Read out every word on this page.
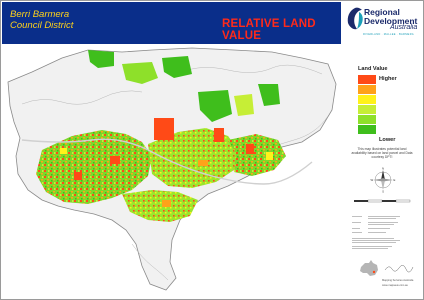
Berri Barmera
Council District	RELATIVE LAND VALUE
Regional
Development
Australia
RIVERLAND · MALLEE · BARMERA
Land Value
Higher
Lower
This map illustrates potential land availability based on land parcel and Data courtesy DPTI
N
S
E
W
Mapping Services Australia
www.mapsaus.com.au
